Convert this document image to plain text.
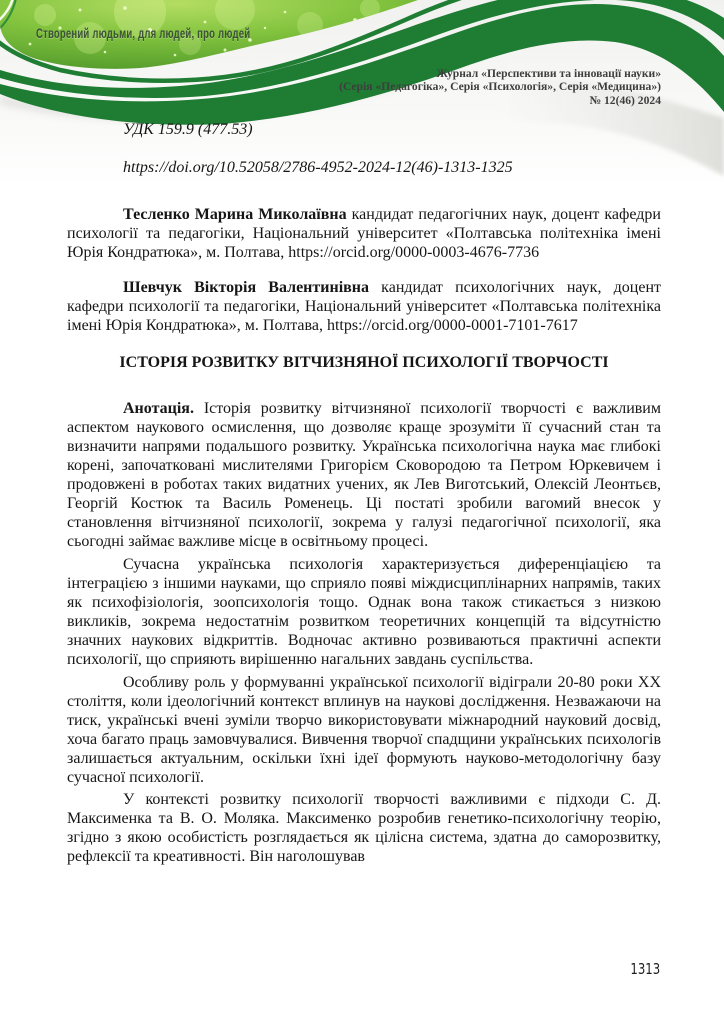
Створений людьми, для людей, про людей
Журнал «Перспективи та інновації науки»
(Серія «Педагогіка», Серія «Психологія», Серія «Медицина»)
№ 12(46) 2024

УДК 159.9 (477.53)

https://doi.org/10.52058/2786-4952-2024-12(46)-1313-1325

Тесленко Марина Миколаївна кандидат педагогічних наук, доцент кафедри психології та педагогіки, Національний університет «Полтавська політехніка імені Юрія Кондратюка», м. Полтава, https://orcid.org/0000-0003-4676-7736

Шевчук Вікторія Валентинівна кандидат психологічних наук, доцент кафедри психології та педагогіки, Національний університет «Полтавська політехніка імені Юрія Кондратюка», м. Полтава, https://orcid.org/0000-0001-7101-7617

ІСТОРІЯ РОЗВИТКУ ВІТЧИЗНЯНОЇ ПСИХОЛОГІЇ ТВОРЧОСТІ

Анотація. Історія розвитку вітчизняної психології творчості є важливим аспектом наукового осмислення, що дозволяє краще зрозуміти її сучасний стан та визначити напрями подальшого розвитку. Українська психологічна наука має глибокі корені, започатковані мислителями Григорієм Сковородою та Петром Юркевичем і продовжені в роботах таких видатних учених, як Лев Виготський, Олексій Леонтьєв, Георгій Костюк та Василь Роменець. Ці постаті зробили вагомий внесок у становлення вітчизняної психології, зокрема у галузі педагогічної психології, яка сьогодні займає важливе місце в освітньому процесі.

Сучасна українська психологія характеризується диференціацією та інтеграцією з іншими науками, що сприяло появі міждисциплінарних напрямів, таких як психофізіологія, зоопсихологія тощо. Однак вона також стикається з низкою викликів, зокрема недостатнім розвитком теоретичних концепцій та відсутністю значних наукових відкриттів. Водночас активно розвиваються практичні аспекти психології, що сприяють вирішенню нагальних завдань суспільства.

Особливу роль у формуванні української психології відіграли 20-80 роки ХХ століття, коли ідеологічний контекст вплинув на наукові дослідження. Незважаючи на тиск, українські вчені зуміли творчо використовувати міжнародний науковий досвід, хоча багато праць замовчувалися. Вивчення творчої спадщини українських психологів залишається актуальним, оскільки їхні ідеї формують науково-методологічну базу сучасної психології.

У контексті розвитку психології творчості важливими є підходи С. Д. Максименка та В. О. Моляка. Максименко розробив генетико-психологічну теорію, згідно з якою особистість розглядається як цілісна система, здатна до саморозвитку, рефлексії та креативності. Він наголошував

1313
